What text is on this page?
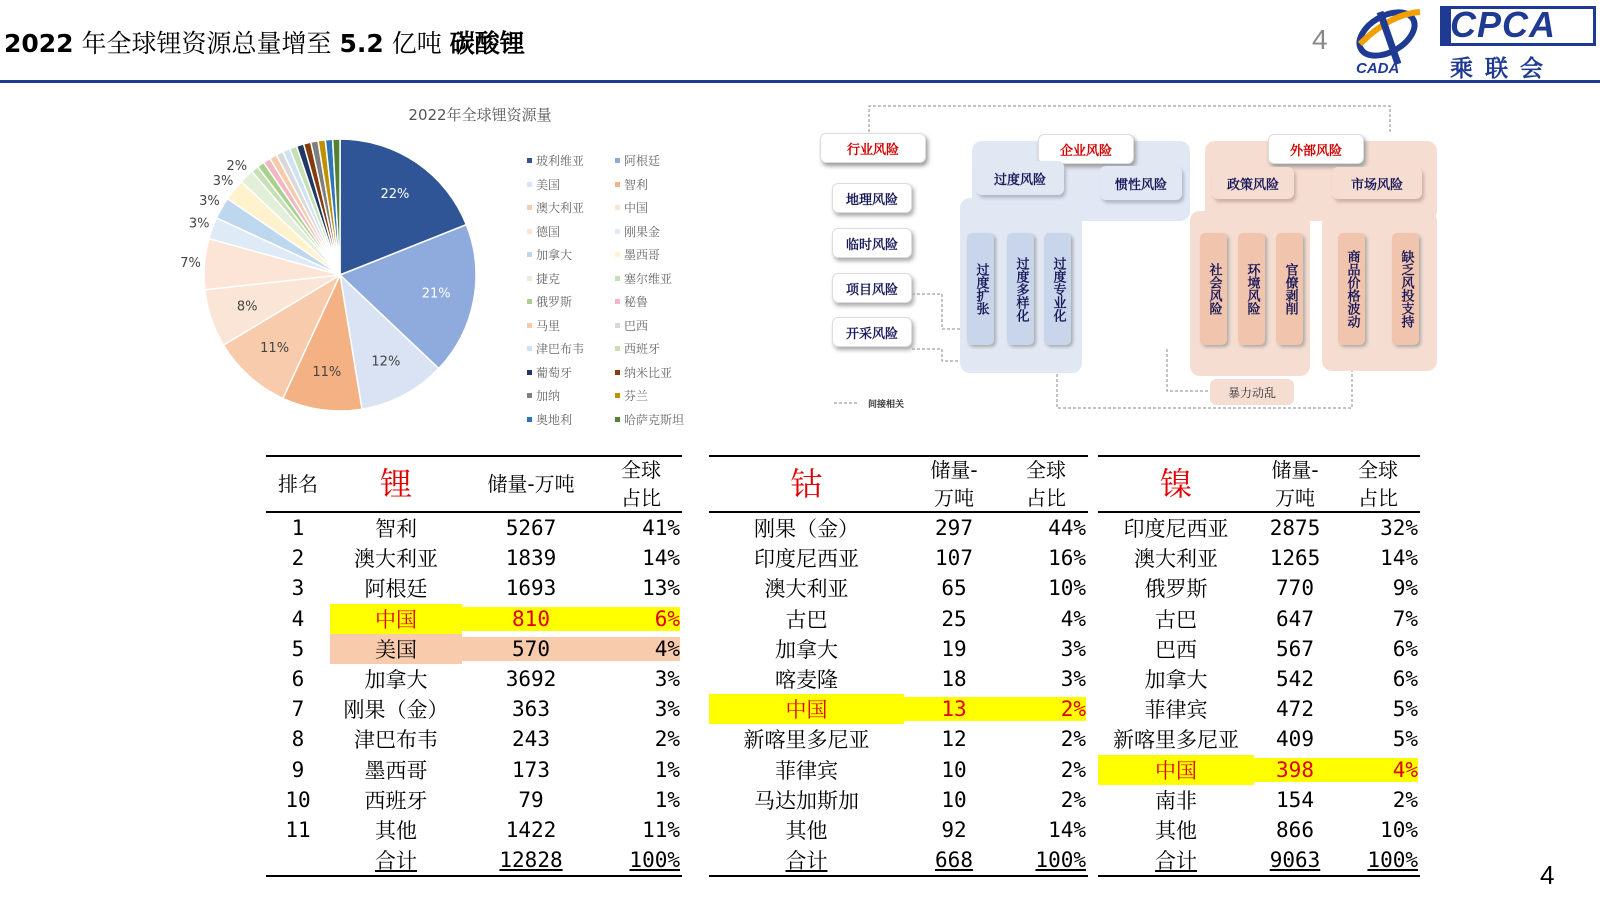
2022 年全球锂资源总量增至 5.2 亿吨 碳酸锂	4	CPCA
乘联会
CADA
2022年全球锂资源量
22%
21%
12%
11%
11%
8%
7%
3%
3%
3%
2%	玻利维亚	阿根廷
美国	智利
澳大利亚	中国
德国	刚果金
加拿大	墨西哥
捷克	塞尔维亚
俄罗斯	秘鲁
马里	巴西
津巴布韦	西班牙
葡萄牙	纳米比亚
加纳	芬兰
奥地利	哈萨克斯坦
行业风险	企业风险	外部风险
地理风险
临时风险
项目风险
开采风险
过度风险	惯性风险	政策风险	市场风险
过度扩张 过度多样化 过度专业化	社会风险 环境风险 官僚剥削	商品价格波动	缺乏风投支持
暴力动乱
间接相关
排名	锂	储量-万吨
全球
占比
1	智利	5267	41%
2	澳大利亚	1839	14%
3	阿根廷	1693	13%
4	中国	810	6%
5	美国	570	4%
6	加拿大	3692	3%
7	刚果（金）	363	3%
8	津巴布韦	243	2%
9	墨西哥	173	1%
10	西班牙	79	1%
11	其他	1422	11%
合计	12828	100%
钴	储量-
万吨
全球
占比
刚果（金）	297	44%
印度尼西亚	107	16%
澳大利亚	65	10%
古巴	25	4%
加拿大	19	3%
喀麦隆	18	3%
中国	13	2%
新喀里多尼亚	12	2%
菲律宾	10	2%
马达加斯加	10	2%
其他	92	14%
合计	668	100%
镍	储量-
万吨
全球
占比
印度尼西亚	2875	32%
澳大利亚	1265	14%
俄罗斯	770	9%
古巴	647	7%
巴西	567	6%
加拿大	542	6%
菲律宾	472	5%
新喀里多尼亚	409	5%
中国	398	4%
南非	154	2%
其他	866	10%
合计	9063	100%	4
